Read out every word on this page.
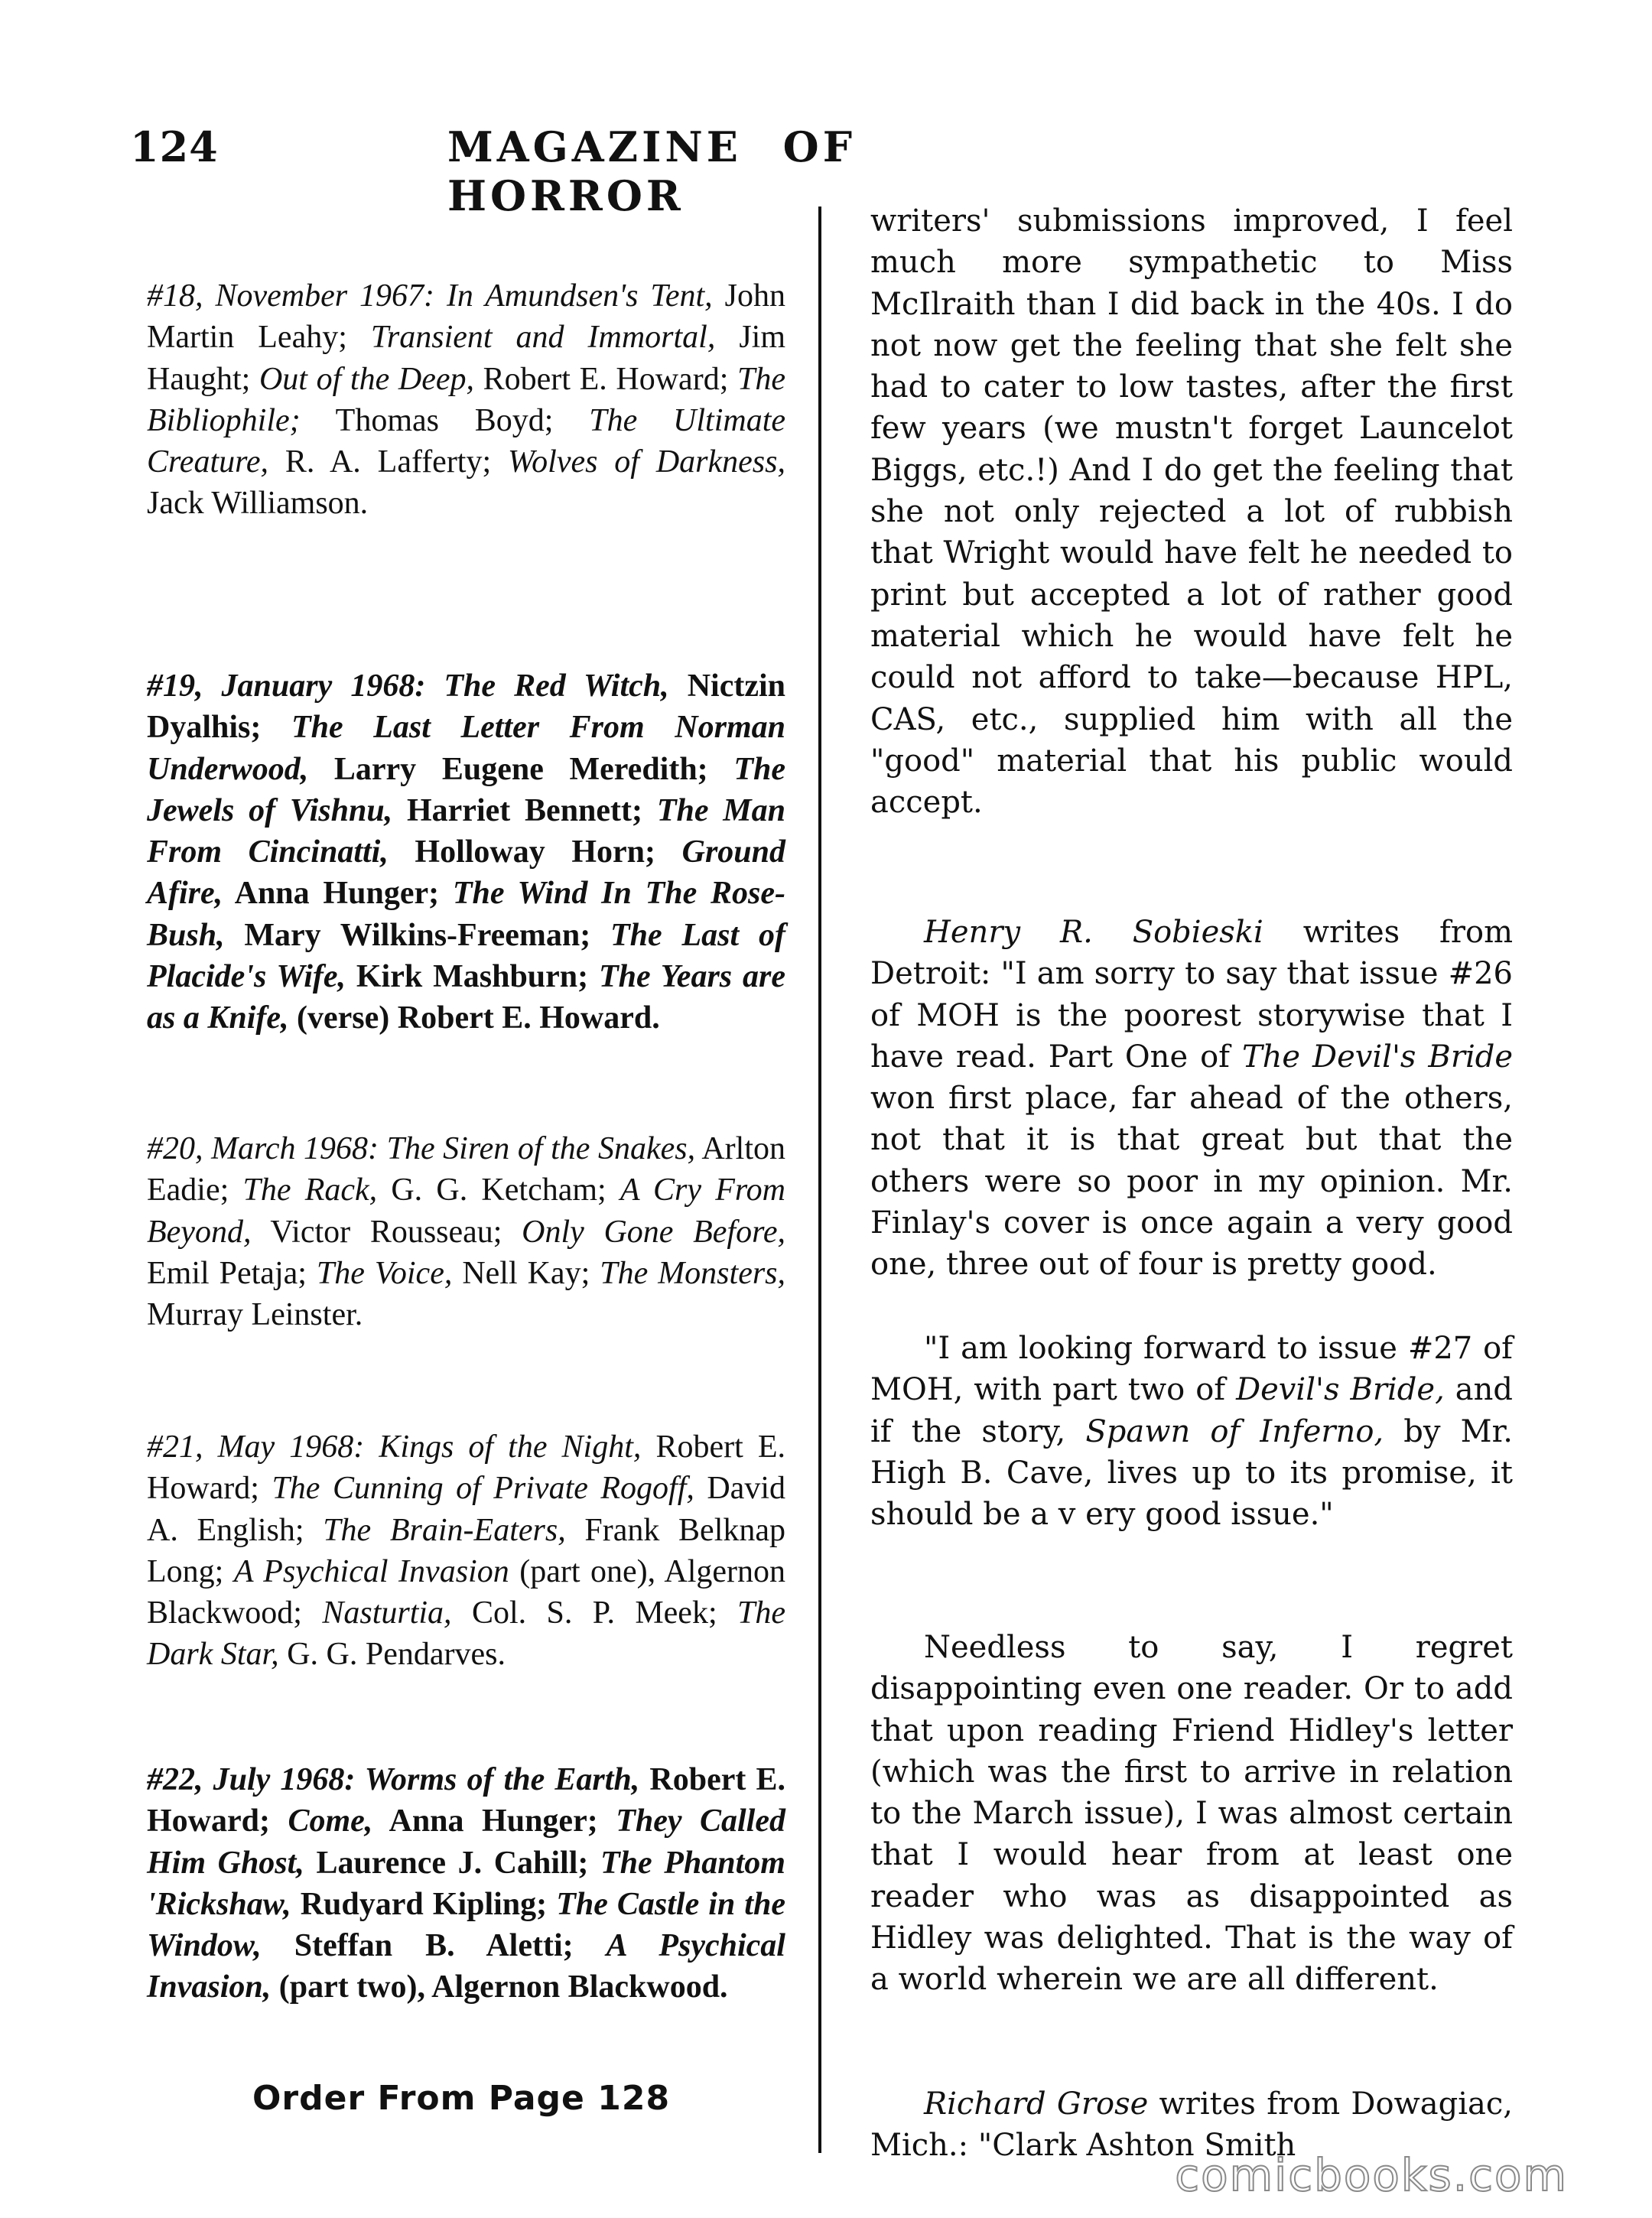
124	MAGAZINE OF HORROR

#18, November 1967: In Amundsen's Tent, John Martin Leahy; Transient and Immortal, Jim Haught; Out of the Deep, Robert E. Howard; The Bibliophile; Thomas Boyd; The Ultimate Creature, R. A. Lafferty; Wolves of Darkness, Jack Williamson.

#19, January 1968: The Red Witch, Nictzin Dyalhis; The Last Letter From Norman Underwood, Larry Eugene Meredith; The Jewels of Vishnu, Harriet Bennett; The Man From Cincinatti, Holloway Horn; Ground Afire, Anna Hunger; The Wind In The Rose-Bush, Mary Wilkins-Freeman; The Last of Placide's Wife, Kirk Mashburn; The Years are as a Knife, (verse) Robert E. Howard.

#20, March 1968: The Siren of the Snakes, Arlton Eadie; The Rack, G. G. Ketcham; A Cry From Beyond, Victor Rousseau; Only Gone Before, Emil Petaja; The Voice, Nell Kay; The Monsters, Murray Leinster.

#21, May 1968: Kings of the Night, Robert E. Howard; The Cunning of Private Rogoff, David A. English; The Brain-Eaters, Frank Belknap Long; A Psychical Invasion (part one), Algernon Blackwood; Nasturtia, Col. S. P. Meek; The Dark Star, G. G. Pendarves.

#22, July 1968: Worms of the Earth, Robert E. Howard; Come, Anna Hunger; They Called Him Ghost, Laurence J. Cahill; The Phantom 'Rickshaw, Rudyard Kipling; The Castle in the Window, Steffan B. Aletti; A Psychical Invasion, (part two), Algernon Blackwood.

Order From Page 128

writers' submissions improved, I feel much more sympathetic to Miss McIlraith than I did back in the 40s. I do not now get the feeling that she felt she had to cater to low tastes, after the first few years (we mustn't forget Launcelot Biggs, etc.!) And I do get the feeling that she not only rejected a lot of rubbish that Wright would have felt he needed to print but accepted a lot of rather good material which he would have felt he could not afford to take—because HPL, CAS, etc., supplied him with all the "good" material that his public would accept.

Henry R. Sobieski writes from Detroit: "I am sorry to say that issue #26 of MOH is the poorest storywise that I have read. Part One of The Devil's Bride won first place, far ahead of the others, not that it is that great but that the others were so poor in my opinion. Mr. Finlay's cover is once again a very good one, three out of four is pretty good.

"I am looking forward to issue #27 of MOH, with part two of Devil's Bride, and if the story, Spawn of Inferno, by Mr. High B. Cave, lives up to its promise, it should be a v ery good issue."

Needless to say, I regret disappointing even one reader. Or to add that upon reading Friend Hidley's letter (which was the first to arrive in relation to the March issue), I was almost certain that I would hear from at least one reader who was as disappointed as Hidley was delighted. That is the way of a world wherein we are all different.

Richard Grose writes from Dowagiac, Mich.: "Clark Ashton Smith

comicbooks.com
